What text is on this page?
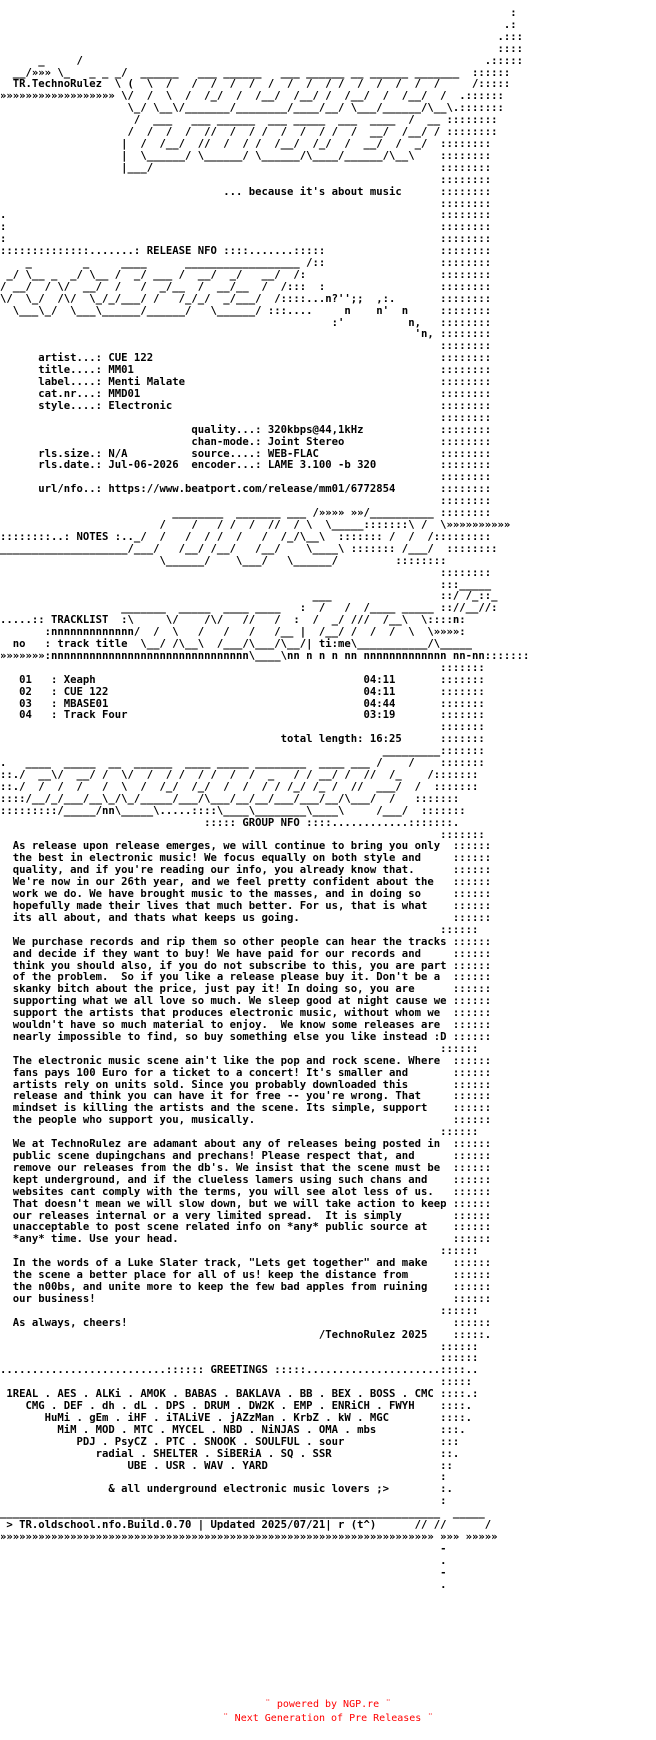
:
.:
.:::
::::
_     /                                                               .:::::
__/»»» \_   _ _ _/  ______   ___ ______   ___ ______ __ ______ _______  ::::::
TR.TechnoRulez  \ (  \  /   /  /  /  /  /  /  /  / /  /  /  /  /  /     /:::::
»»»»»»»»»»»»»»»»»» \/  /  \  /  /_/  /  /__/  /__/ /  /__/  /  /__/  /  .::::::
\_/ \__\/_______/________/____/__/ \___/______/\__\.:::::::
/  ___   ___ ______  ___ _____  ___  ____  /  __ ::::::::
/  /  /  /  //  /  / /  /  /  / /  /  __/  /__/ / ::::::::
|  /  /__/  //  /  / /  /__/  /_/  /  __/  /  _/  ::::::::
|  \______/ \______/ \______/\____/______/\__\    ::::::::
|___/                                             ::::::::
::::::::
... because it's about music      ::::::::
::::::::
.                                                                    ::::::::
:                                                                    ::::::::
:                                                                    ::::::::
::::::::::::::.......: RELEASE NFO ::::.......:::::                  ::::::::
_        _     ____      __________________ /::                  ::::::::
_/ \__ _  _/ \__ /  _/ ___ /  __/  _/   __/  /:                     ::::::::
/ __/  / \/  __/  /   /  _/__  /  __/__  /  /:::  :                  ::::::::
\/  \_/  /\/  \_/_/___/ /   /_/_/  _/___/  /::::...n?'';;  ,:.       ::::::::
\___\_/  \___\______/______/   \______/ :::....     n    n'  n     ::::::::
:'          n,   ::::::::
'n, ::::::::
::::::::
artist...: CUE 122                                             ::::::::
title....: MM01                                                ::::::::
label....: Menti Malate                                        ::::::::
cat.nr...: MMD01                                               ::::::::
style....: Electronic                                          ::::::::
::::::::
quality...: 320kbps@44,1kHz            ::::::::
chan-mode.: Joint Stereo               ::::::::
rls.size.: N/A          source....: WEB-FLAC                   ::::::::
rls.date.: Jul-06-2026  encoder...: LAME 3.100 -b 320          ::::::::
::::::::
url/nfo..: https://www.beatport.com/release/mm01/6772854       ::::::::
::::::::
________  _______ ___ /»»»» »»/__________ ::::::::
/    /   / /  /  //  / \  \_____:::::::\ /  \»»»»»»»»»»
::::::::..: NOTES :.._/  /   /  / /  /   /  /_/\__\  ::::::: /  /  /:::::::::
____________________/___/   /__/ /__/   /__/    \____\ ::::::: /___/  ::::::::
\______/    \___/   \______/         ::::::::
::::::::
:::_____
___                 ::/ /_::_
_______  _____  ____ ____   :  /   /  /____ _____ :://__//:
.....:: TRACKLIST  :\     \/    /\/   //   /  :  /  _/ ///  /__\  \::::n:
:nnnnnnnnnnnnn/  /  \   /   /   /   /__ |  /__/ /  /  /  \  \»»»»:
no   : track title  \__/ /\__\  /___/\___/\__/| ti:me\___________/\_____
»»»»»»»:nnnnnnnnnnnnnnnnnnnnnnnnnnnnnnn\____\nn n n n nn nnnnnnnnnnnnn nn-nn:::::::
:::::::
01   : Xeaph                                          04:11       :::::::
02   : CUE 122                                        04:11       :::::::
03   : MBASE01                                        04:44       :::::::
04   : Track Four                                     03:19       :::::::
:::::::
total length: 16:25      :::::::
_________:::::::
.   ____  _____  __  ______  ____ _____ ________  ____ ___ /    /    :::::::
::./  __\/  __/ /  \/  /  / /  / /  /  /  _   / / __/ /  //  /_    /:::::::
::./  /  /  /   /  \  /  /_/  /_/  /  /  / / /_/ /_ /  //  ___/  /  :::::::
::::/__/_/___/__\_/\_/_____/___/\___/__/__/___/___/__/\___/  /   :::::::
:::::::::/_____/nn\_____\.....::::\____\________\____\     /___/  :::::::
::::: GROUP NFO ::::............:::::::.
:::::::
As release upon release emerges, we will continue to bring you only  ::::::
the best in electronic music! We focus equally on both style and     ::::::
quality, and if you're reading our info, you already know that.      ::::::
We're now in our 26th year, and we feel pretty confident about the   ::::::
work we do. We have brought music to the masses, and in doing so     ::::::
hopefully made their lives that much better. For us, that is what    ::::::
its all about, and thats what keeps us going.                        ::::::
::::::
We purchase records and rip them so other people can hear the tracks ::::::
and decide if they want to buy! We have paid for our records and     ::::::
think you should also, if you do not subscribe to this, you are part ::::::
of the problem.  So if you like a release please buy it. Don't be a  ::::::
skanky bitch about the price, just pay it! In doing so, you are      ::::::
supporting what we all love so much. We sleep good at night cause we ::::::
support the artists that produces electronic music, without whom we  ::::::
wouldn't have so much material to enjoy.  We know some releases are  ::::::
nearly impossible to find, so buy something else you like instead :D ::::::
::::::
The electronic music scene ain't like the pop and rock scene. Where  ::::::
fans pays 100 Euro for a ticket to a concert! It's smaller and       ::::::
artists rely on units sold. Since you probably downloaded this       ::::::
release and think you can have it for free -- you're wrong. That     ::::::
mindset is killing the artists and the scene. Its simple, support    ::::::
the people who support you, musically.                               ::::::
::::::
We at TechnoRulez are adamant about any of releases being posted in  ::::::
public scene dupingchans and prechans! Please respect that, and      ::::::
remove our releases from the db's. We insist that the scene must be  ::::::
kept underground, and if the clueless lamers using such chans and    ::::::
websites cant comply with the terms, you will see alot less of us.   ::::::
That doesn't mean we will slow down, but we will take action to keep ::::::
our releases internal or a very limited spread.  It is simply        ::::::
unacceptable to post scene related info on *any* public source at    ::::::
*any* time. Use your head.                                           ::::::
::::::
In the words of a Luke Slater track, "Lets get together" and make    ::::::
the scene a better place for all of us! keep the distance from       ::::::
the n00bs, and unite more to keep the few bad apples from ruining    ::::::
our business!                                                        ::::::
::::::
As always, cheers!                                                   ::::::
/TechnoRulez 2025    :::::.
::::::
::::::
..........................:::::: GREETINGS :::::.....................::::..
:::::
1REAL . AES . ALKi . AMOK . BABAS . BAKLAVA . BB . BEX . BOSS . CMC ::::.:
CMG . DEF . dh . dL . DPS . DRUM . DW2K . EMP . ENRiCH . FWYH    ::::.
HuMi . gEm . iHF . iTALiVE . jAZzMan . KrbZ . kW . MGC        ::::.
MiM . MOD . MTC . MYCEL . NBD . NiNJAS . OMA . mbs          :::.
PDJ . PsyCZ . PTC . SNOOK . SOULFUL . sour               :::
radial . SHELTER . SiBERiA . SQ . SSR                 ::.
UBE . USR . WAV . YARD                           ::
:
& all underground electronic music lovers ;>        :.
:
_____________________________________________________________________  _____
> TR.oldschool.nfo.Build.0.70 | Updated 2025/07/21| r (t^)      // //      /
»»»»»»»»»»»»»»»»»»»»»»»»»»»»»»»»»»»»»»»»»»»»»»»»»»»»»»»»»»»»»»»»»»»» »»» »»»»»
-
.
-
.
¨ powered by NGP.re ¨
¨ Next Generation of Pre Releases ¨
